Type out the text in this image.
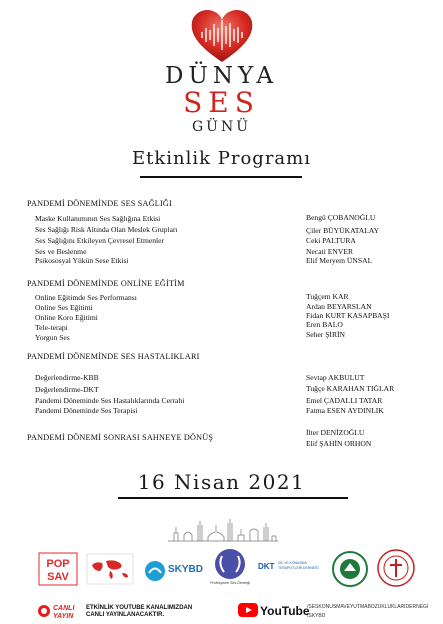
DÜNYA
SES
GÜNÜ
Etkinlik Programı
PANDEMİ DÖNEMİNDE SES SAĞLIĞI
Maske Kullanımının Ses Sağlığına Etkisi
Ses Sağlığı Risk Altında Olan Meslek Grupları
Ses Sağlığını Etkileyen Çevresel Etmenler
Ses ve Beslenme
Psikososyal Yükün Sese Etkisi
Bengü ÇOBANOĞLU
Çiler BÜYÜKATALAY
Ceki PALTURA
Necati ENVER
Elif Meryem ÜNSAL
PANDEMİ DÖNEMİNDE ONLİNE EĞİTİM
Online Eğitimde Ses Performansı
Online Ses Eğitimi
Online Koro Eğitimi
Tele-terapi
Yorgun Ses
Tuğçem KAR
Ardan BEYARSLAN
Fidan KURT KASAPBAŞI
Eren BALO
Seher ŞİRİN
PANDEMİ DÖNEMİNDE SES HASTALIKLARI
Değerlendirme-KBB
Değerlendirme-DKT
Pandemi Döneminde Ses Hastalıklarında Cerrahi
Pandemi Döneminde Ses Terapisi
Sevtap AKBULUT
Tuğçe KARAHAN TIĞLAR
Emel ÇADALLI TATAR
Fatma ESEN AYDINLIK
PANDEMİ DÖNEMİ SONRASI SAHNEYE DÖNÜŞ
İlter DENİZOĞLU
Elif ŞAHİN ORHON
16 Nisan 2021
POP
SAV
SKYBD
Profesyonel Ses Derneği
DKT DİL VE KONUŞMA TERAPİSTLERİ DERNEĞİ
CANLI
YAYIN
ETKİNLİK YOUTUBE KANALIMIZDAN
CANLI YAYINLANACAKTIR.	YouTube
/SESKONUSMAVEYUTMABOZUKLUKLARIDERNEGI
/SKYBD
